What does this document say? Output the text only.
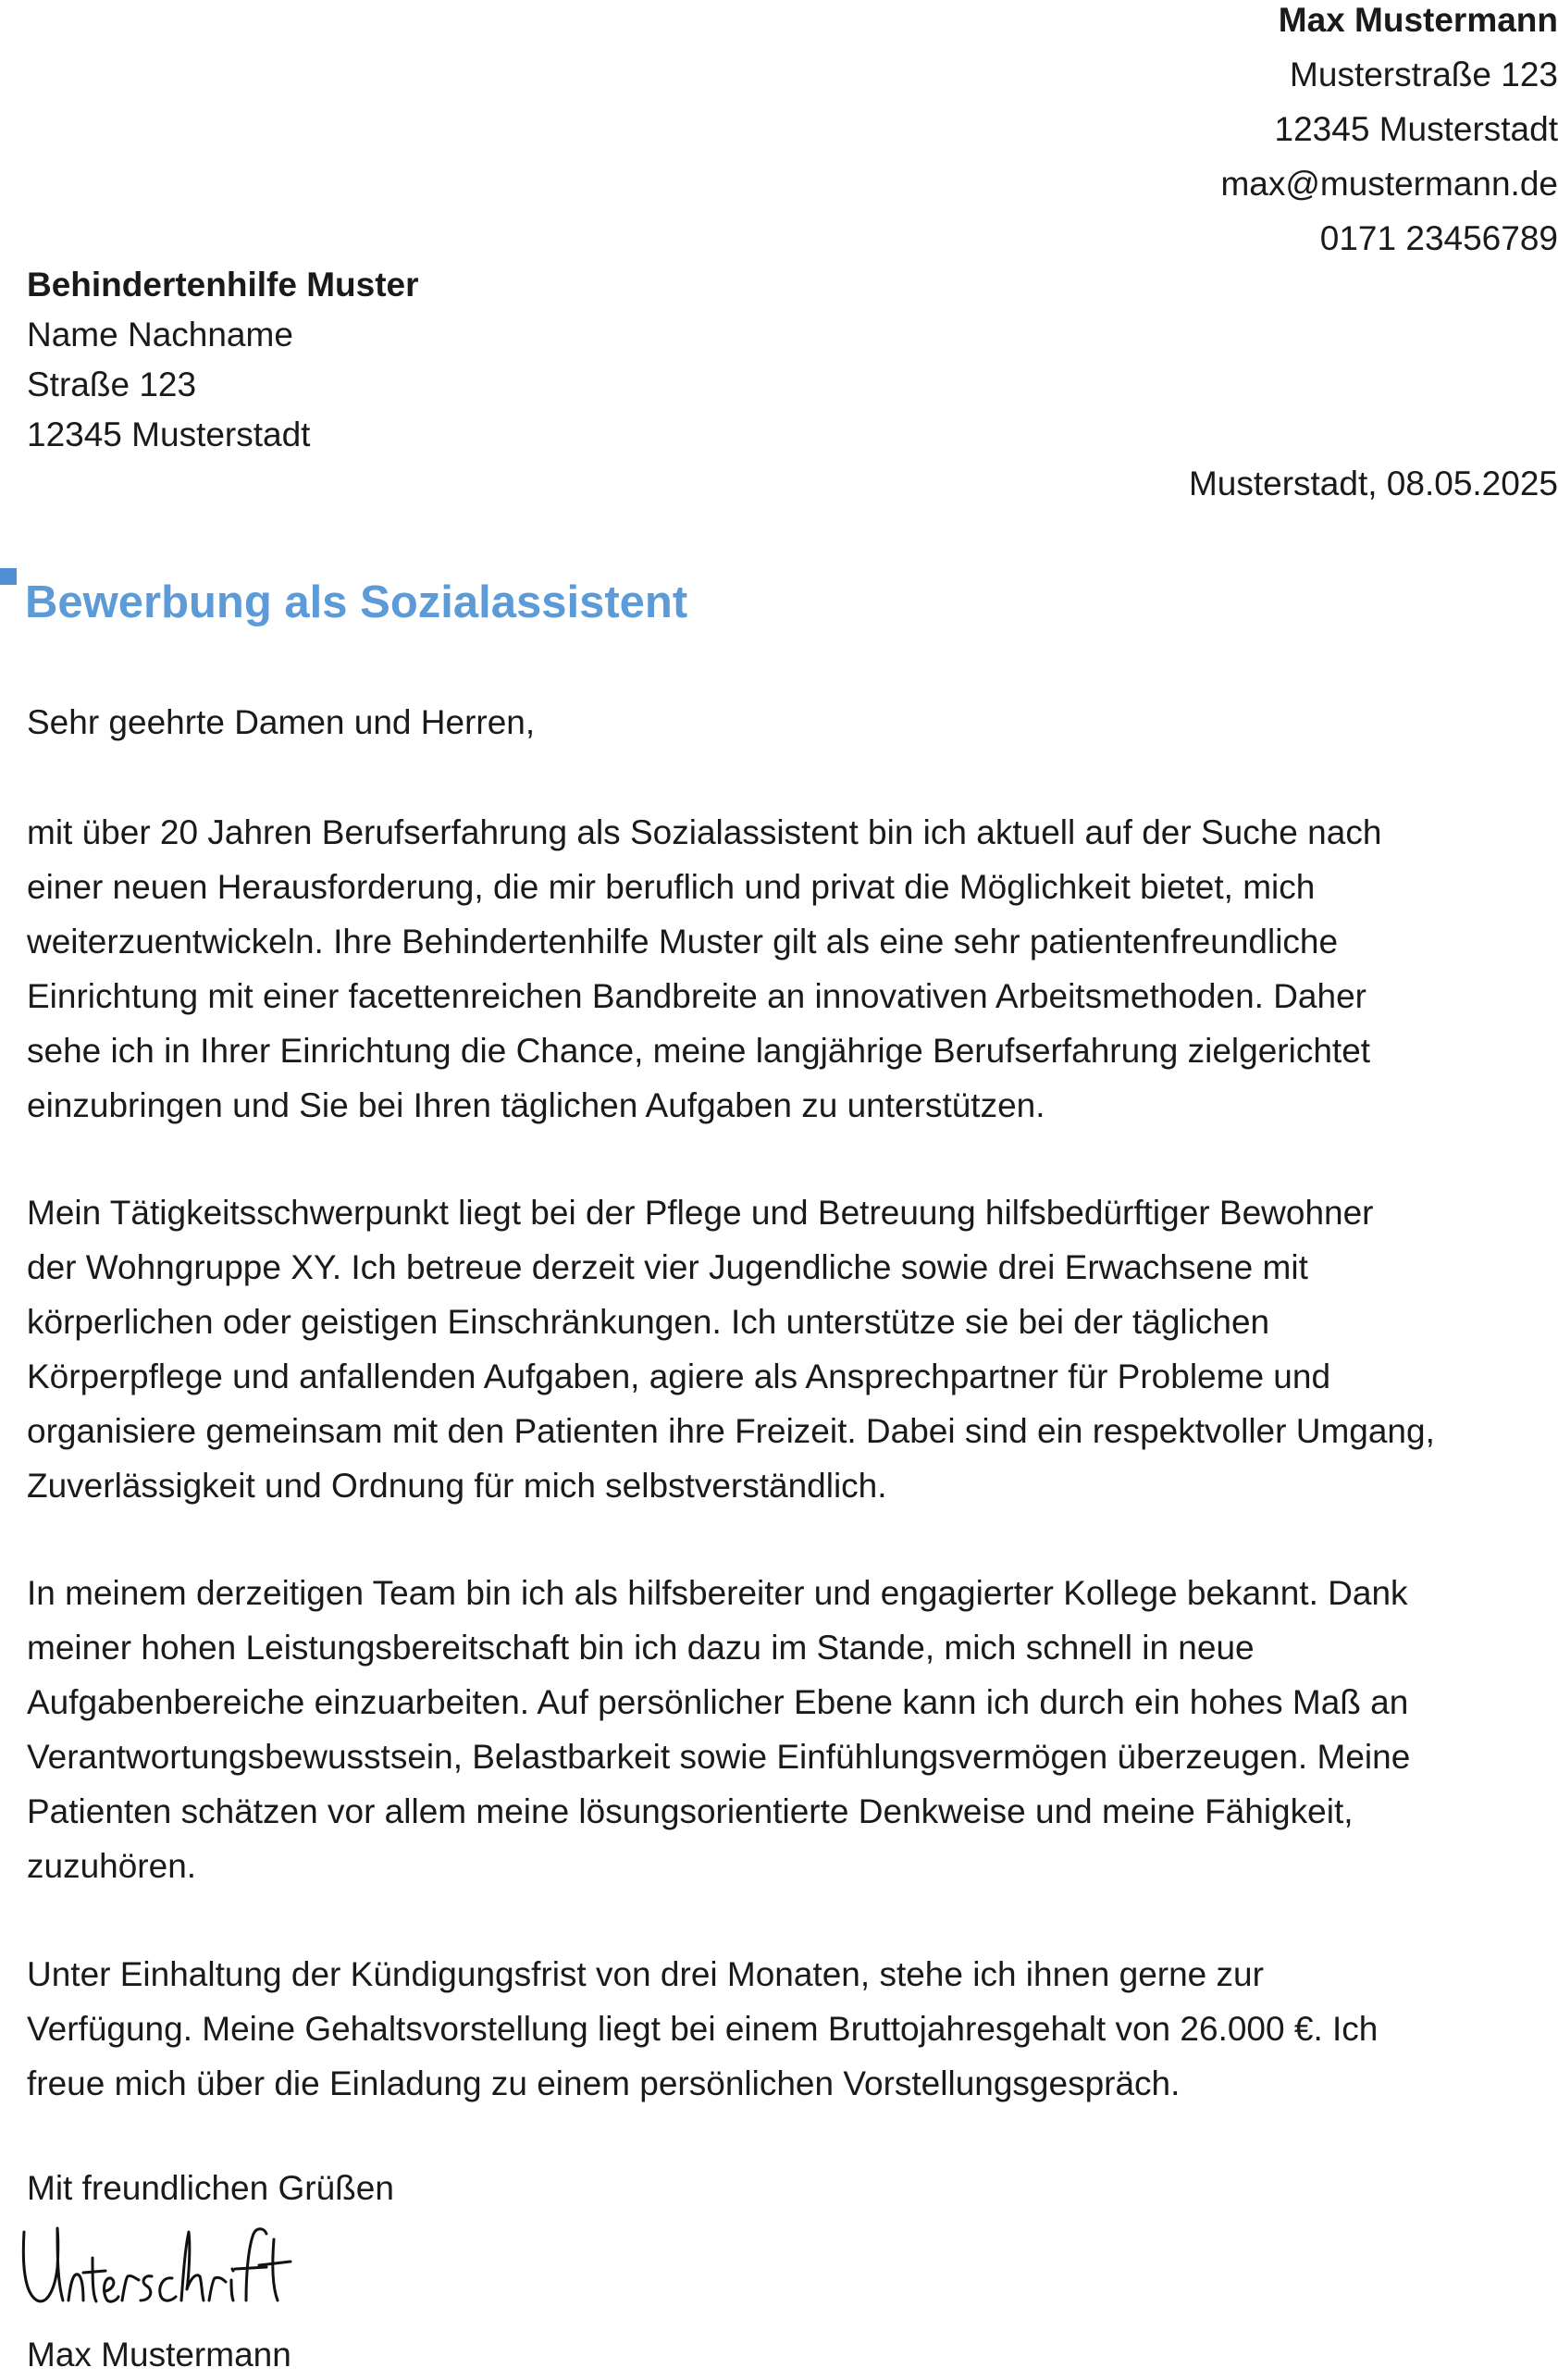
Max Mustermann
Musterstraße 123
12345 Musterstadt
max@mustermann.de
0171 23456789
Behindertenhilfe Muster
Name Nachname
Straße 123
12345 Musterstadt
Musterstadt, 08.05.2025
Bewerbung als Sozialassistent
Sehr geehrte Damen und Herren,
mit über 20 Jahren Berufserfahrung als Sozialassistent bin ich aktuell auf der Suche nach
einer neuen Herausforderung, die mir beruflich und privat die Möglichkeit bietet, mich
weiterzuentwickeln. Ihre Behindertenhilfe Muster gilt als eine sehr patientenfreundliche
Einrichtung mit einer facettenreichen Bandbreite an innovativen Arbeitsmethoden. Daher
sehe ich in Ihrer Einrichtung die Chance, meine langjährige Berufserfahrung zielgerichtet
einzubringen und Sie bei Ihren täglichen Aufgaben zu unterstützen.
Mein Tätigkeitsschwerpunkt liegt bei der Pflege und Betreuung hilfsbedürftiger Bewohner
der Wohngruppe XY. Ich betreue derzeit vier Jugendliche sowie drei Erwachsene mit
körperlichen oder geistigen Einschränkungen. Ich unterstütze sie bei der täglichen
Körperpflege und anfallenden Aufgaben, agiere als Ansprechpartner für Probleme und
organisiere gemeinsam mit den Patienten ihre Freizeit. Dabei sind ein respektvoller Umgang,
Zuverlässigkeit und Ordnung für mich selbstverständlich.
In meinem derzeitigen Team bin ich als hilfsbereiter und engagierter Kollege bekannt. Dank
meiner hohen Leistungsbereitschaft bin ich dazu im Stande, mich schnell in neue
Aufgabenbereiche einzuarbeiten. Auf persönlicher Ebene kann ich durch ein hohes Maß an
Verantwortungsbewusstsein, Belastbarkeit sowie Einfühlungsvermögen überzeugen. Meine
Patienten schätzen vor allem meine lösungsorientierte Denkweise und meine Fähigkeit,
zuzuhören.
Unter Einhaltung der Kündigungsfrist von drei Monaten, stehe ich ihnen gerne zur
Verfügung. Meine Gehaltsvorstellung liegt bei einem Bruttojahresgehalt von 26.000 €. Ich
freue mich über die Einladung zu einem persönlichen Vorstellungsgespräch.
Mit freundlichen Grüßen
Max Mustermann
